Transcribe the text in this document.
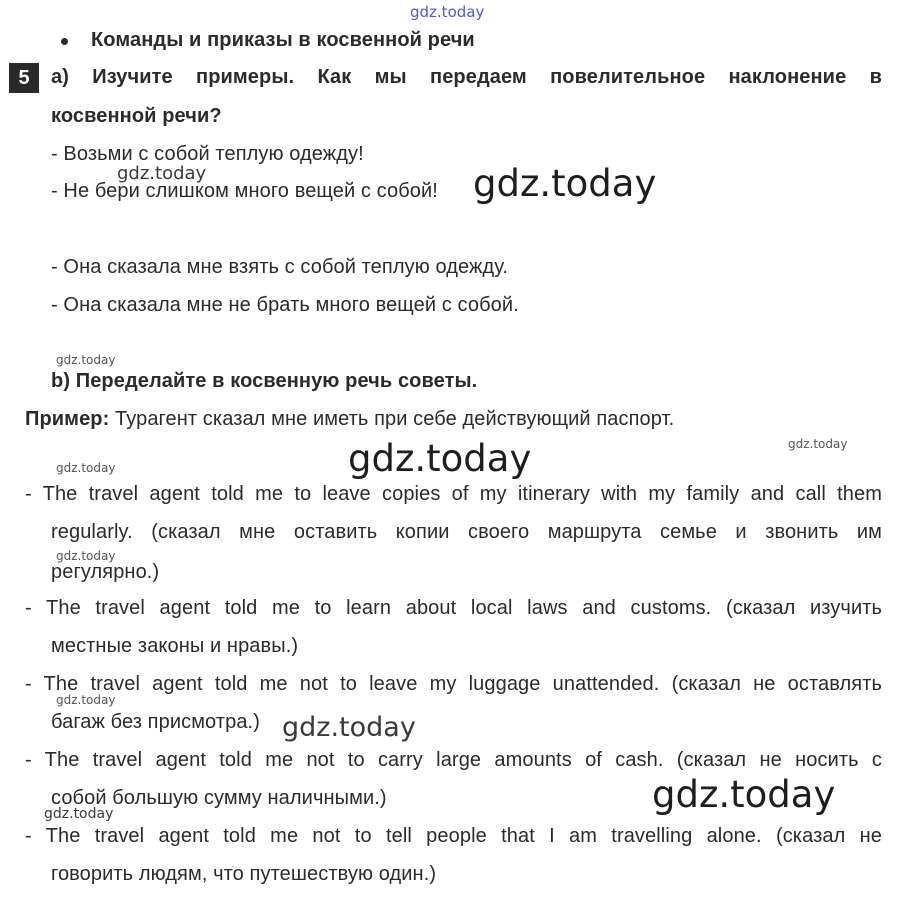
gdz.today
Команды и приказы в косвенной речи
5	a) Изучите примеры. Как мы передаем повелительное наклонение в
косвенной речи?
- Возьми с собой теплую одежду!
gdz.today
- Не бери слишком много вещей с собой! gdz.today
- Она сказала мне взять с собой теплую одежду.
- Она сказала мне не брать много вещей с собой.
gdz.today
b) Переделайте в косвенную речь советы.
Пример: Турагент сказал мне иметь при себе действующий паспорт.
gdz.today
gdz.today
gdz.today
- The travel agent told me to leave copies of my itinerary with my family and call them
regularly. (сказал мне оставить копии своего маршрута семье и звонить им
gdz.today
регулярно.)
- The travel agent told me to learn about local laws and customs. (сказал изучить
местные законы и нравы.)
- The travel agent told me not to leave my luggage unattended. (сказал не оставлять
gdz.today
багаж без присмотра.) gdz.today
- The travel agent told me not to carry large amounts of cash. (сказал не носить с
собой большую сумму наличными.)	gdz.today
gdz.today
- The travel agent told me not to tell people that I am travelling alone. (сказал не
говорить людям, что путешествую один.)
